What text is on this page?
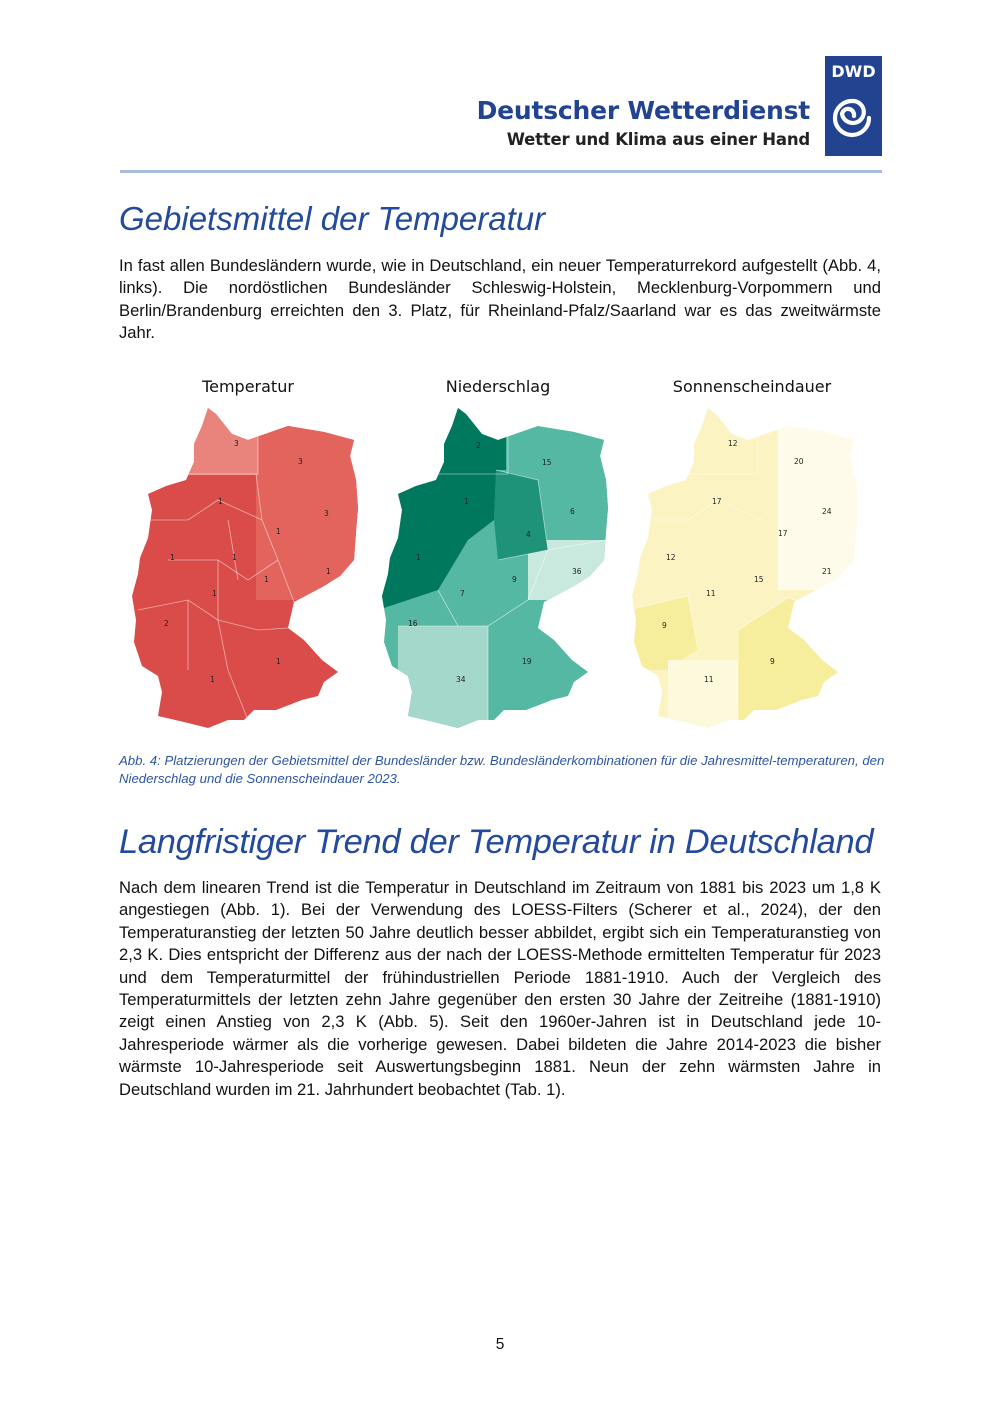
Deutscher Wetterdienst
Wetter und Klima aus einer Hand
DWD
Gebietsmittel der Temperatur

In fast allen Bundesländern wurde, wie in Deutschland, ein neuer Temperaturrekord aufgestellt (Abb. 4, links). Die nordöstlichen Bundesländer Schleswig-Holstein, Mecklenburg-Vorpommern und Berlin/Brandenburg erreichten den 3. Platz, für Rheinland-Pfalz/Saarland war es das zweitwärmste Jahr.

Temperatur
3
3
1
3
1
1	1
1
1
1
2
1
1
Niederschlag
2
15
1
6
4
1
9
36
7
16
19
34
Sonnenscheindauer
12
20
17
24
17
12
15
21
11
9
9
11

Abb. 4: Platzierungen der Gebietsmittel der Bundesländer bzw. Bundesländerkombinationen für die Jahresmittel-temperaturen, den Niederschlag und die Sonnenscheindauer 2023.

Langfristiger Trend der Temperatur in Deutschland

Nach dem linearen Trend ist die Temperatur in Deutschland im Zeitraum von 1881 bis 2023 um 1,8 K angestiegen (Abb. 1). Bei der Verwendung des LOESS-Filters (Scherer et al., 2024), der den Temperaturanstieg der letzten 50 Jahre deutlich besser abbildet, ergibt sich ein Temperaturanstieg von 2,3 K. Dies entspricht der Differenz aus der nach der LOESS-Methode ermittelten Temperatur für 2023 und dem Temperaturmittel der frühindustriellen Periode 1881-1910. Auch der Vergleich des Temperaturmittels der letzten zehn Jahre gegenüber den ersten 30 Jahre der Zeitreihe (1881-1910) zeigt einen Anstieg von 2,3 K (Abb. 5). Seit den 1960er-Jahren ist in Deutschland jede 10-Jahresperiode wärmer als die vorherige gewesen. Dabei bildeten die Jahre 2014-2023 die bisher wärmste 10-Jahresperiode seit Auswertungsbeginn 1881. Neun der zehn wärmsten Jahre in Deutschland wurden im 21. Jahrhundert beobachtet (Tab. 1).

5
